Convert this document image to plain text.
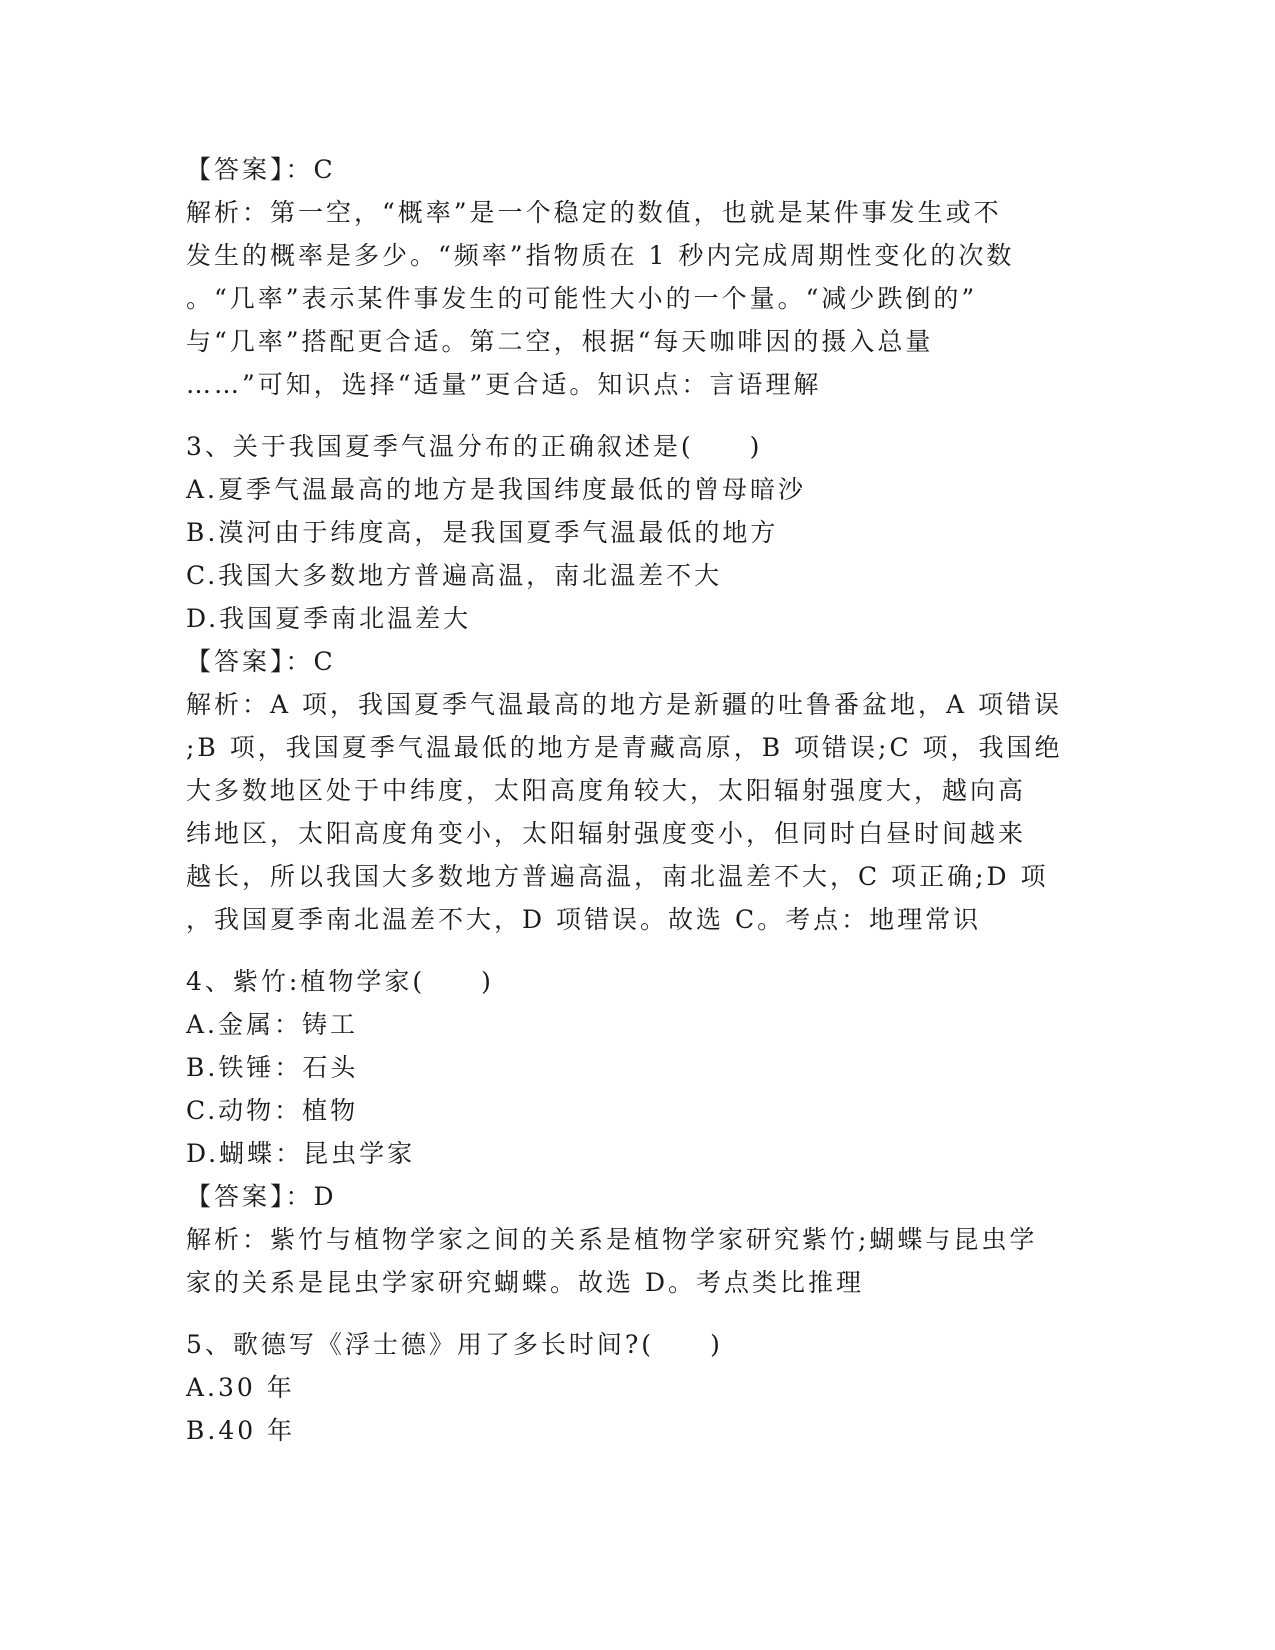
【答案】：C
解析：第一空，“概率”是一个稳定的数值，也就是某件事发生或不
发生的概率是多少。“频率”指物质在 1 秒内完成周期性变化的次数
。“几率”表示某件事发生的可能性大小的一个量。“减少跌倒的”
与“几率”搭配更合适。第二空，根据“每天咖啡因的摄入总量
……”可知，选择“适量”更合适。知识点：言语理解
3、关于我国夏季气温分布的正确叙述是(　　)
A.夏季气温最高的地方是我国纬度最低的曾母暗沙
B.漠河由于纬度高，是我国夏季气温最低的地方
C.我国大多数地方普遍高温，南北温差不大
D.我国夏季南北温差大
【答案】：C
解析：A 项，我国夏季气温最高的地方是新疆的吐鲁番盆地，A 项错误
;B 项，我国夏季气温最低的地方是青藏高原，B 项错误;C 项，我国绝
大多数地区处于中纬度，太阳高度角较大，太阳辐射强度大，越向高
纬地区，太阳高度角变小，太阳辐射强度变小，但同时白昼时间越来
越长，所以我国大多数地方普遍高温，南北温差不大，C 项正确;D 项
，我国夏季南北温差不大，D 项错误。故选 C。考点：地理常识
4、紫竹:植物学家(　　)
A.金属：铸工
B.铁锤：石头
C.动物：植物
D.蝴蝶：昆虫学家
【答案】：D
解析：紫竹与植物学家之间的关系是植物学家研究紫竹;蝴蝶与昆虫学
家的关系是昆虫学家研究蝴蝶。故选 D。考点类比推理
5、歌德写《浮士德》用了多长时间?(　　)
A.30 年
B.40 年
